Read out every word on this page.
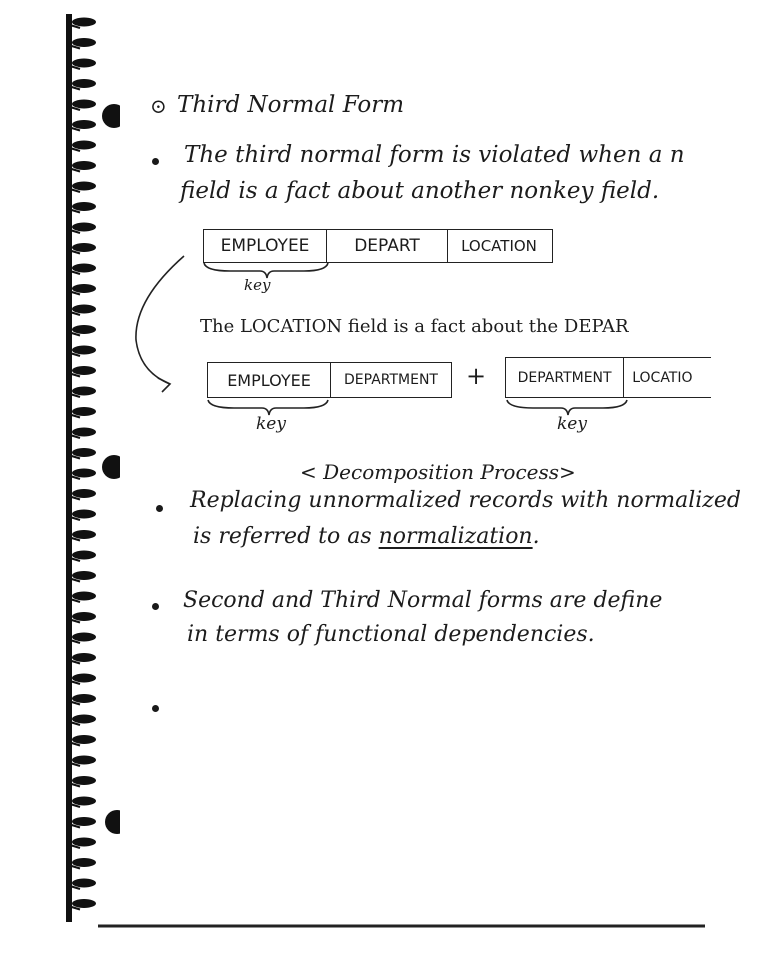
⊙ Third Normal Form
The third normal form is violated when a n
field is a fact about another nonkey field.
EMPLOYEE	DEPART	LOCATION
key
The LOCATION field is a fact about the DEPAR
EMPLOYEE	DEPARTMENT	+	DEPARTMENT	LOCATIO
key	key
< Decomposition Process>
Replacing unnormalized records with normalized
is referred to as normalization.
Second and Third Normal forms are define
in terms of functional dependencies.
